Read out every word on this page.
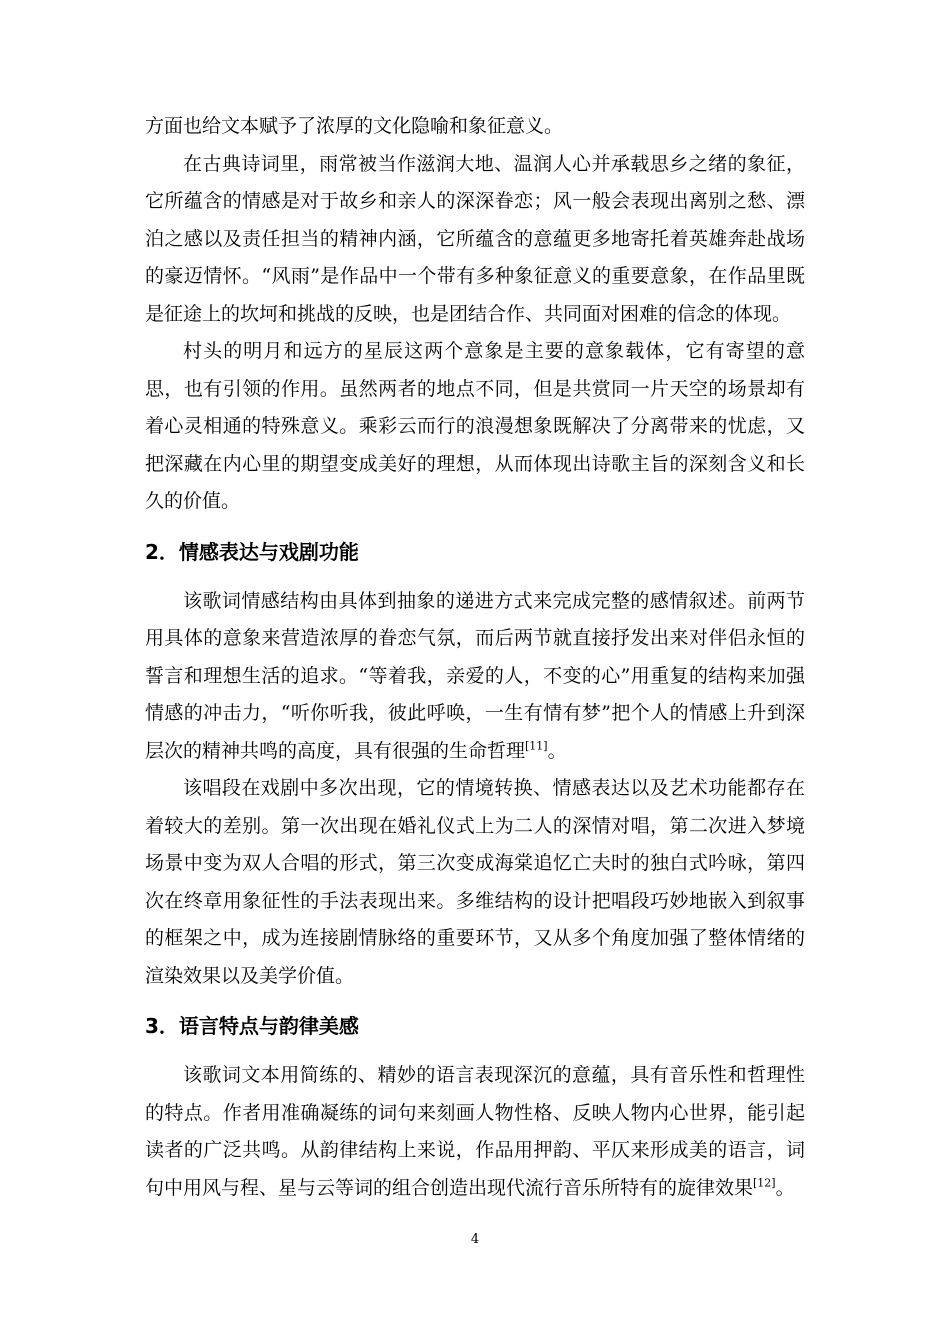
方面也给文本赋予了浓厚的文化隐喻和象征意义。

在古典诗词里，雨常被当作滋润大地、温润人心并承载思乡之绪的象征，它所蕴含的情感是对于故乡和亲人的深深眷恋；风一般会表现出离别之愁、漂泊之感以及责任担当的精神内涵，它所蕴含的意蕴更多地寄托着英雄奔赴战场的豪迈情怀。“风雨”是作品中一个带有多种象征意义的重要意象，在作品里既是征途上的坎坷和挑战的反映，也是团结合作、共同面对困难的信念的体现。

村头的明月和远方的星辰这两个意象是主要的意象载体，它有寄望的意思，也有引领的作用。虽然两者的地点不同，但是共赏同一片天空的场景却有着心灵相通的特殊意义。乘彩云而行的浪漫想象既解决了分离带来的忧虑，又把深藏在内心里的期望变成美好的理想，从而体现出诗歌主旨的深刻含义和长久的价值。

2．情感表达与戏剧功能

该歌词情感结构由具体到抽象的递进方式来完成完整的感情叙述。前两节用具体的意象来营造浓厚的眷恋气氛，而后两节就直接抒发出来对伴侣永恒的誓言和理想生活的追求。“等着我，亲爱的人，不变的心”用重复的结构来加强情感的冲击力，“听你听我，彼此呼唤，一生有情有梦”把个人的情感上升到深层次的精神共鸣的高度，具有很强的生命哲理[11]。

该唱段在戏剧中多次出现，它的情境转换、情感表达以及艺术功能都存在着较大的差别。第一次出现在婚礼仪式上为二人的深情对唱，第二次进入梦境场景中变为双人合唱的形式，第三次变成海棠追忆亡夫时的独白式吟咏，第四次在终章用象征性的手法表现出来。多维结构的设计把唱段巧妙地嵌入到叙事的框架之中，成为连接剧情脉络的重要环节，又从多个角度加强了整体情绪的渲染效果以及美学价值。

3．语言特点与韵律美感

该歌词文本用简练的、精妙的语言表现深沉的意蕴，具有音乐性和哲理性的特点。作者用准确凝练的词句来刻画人物性格、反映人物内心世界，能引起读者的广泛共鸣。从韵律结构上来说，作品用押韵、平仄来形成美的语言，词句中用风与程、星与云等词的组合创造出现代流行音乐所特有的旋律效果[12]。

4
